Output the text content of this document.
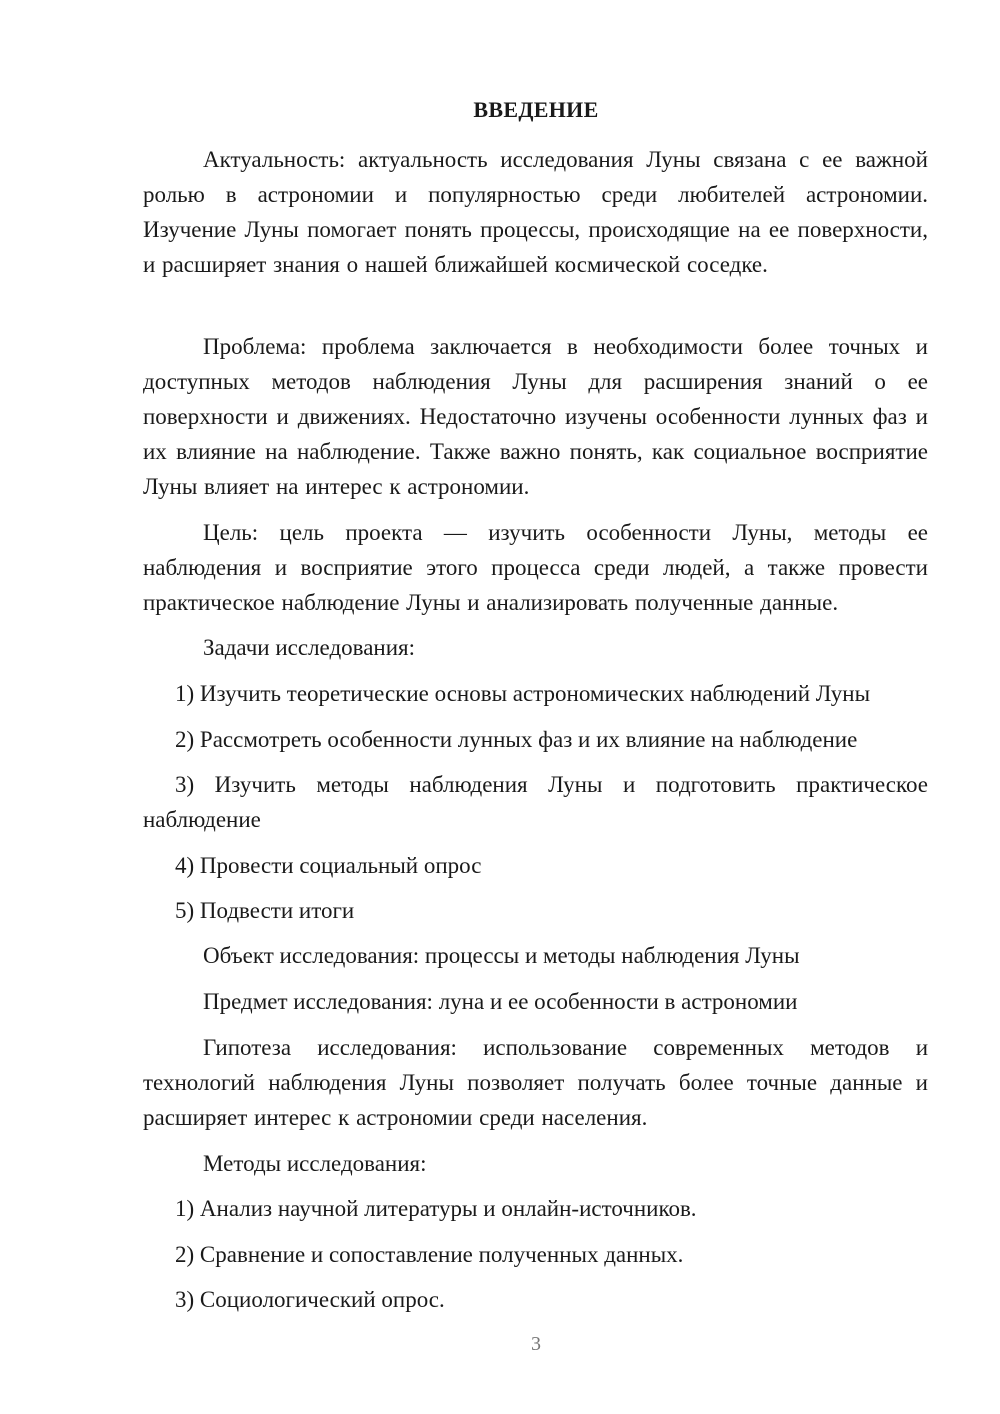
ВВЕДЕНИЕ

Актуальность: актуальность исследования Луны связана с ее важной ролью в астрономии и популярностью среди любителей астрономии. Изучение Луны помогает понять процессы, происходящие на ее поверхности, и расширяет знания о нашей ближайшей космической соседке.

Проблема: проблема заключается в необходимости более точных и доступных методов наблюдения Луны для расширения знаний о ее поверхности и движениях. Недостаточно изучены особенности лунных фаз и их влияние на наблюдение. Также важно понять, как социальное восприятие Луны влияет на интерес к астрономии.

Цель: цель проекта — изучить особенности Луны, методы ее наблюдения и восприятие этого процесса среди людей, а также провести практическое наблюдение Луны и анализировать полученные данные.

Задачи исследования:

1) Изучить теоретические основы астрономических наблюдений Луны

2) Рассмотреть особенности лунных фаз и их влияние на наблюдение

3) Изучить методы наблюдения Луны и подготовить практическое наблюдение

4) Провести социальный опрос

5) Подвести итоги

Объект исследования: процессы и методы наблюдения Луны

Предмет исследования: луна и ее особенности в астрономии

Гипотеза исследования: использование современных методов и технологий наблюдения Луны позволяет получать более точные данные и расширяет интерес к астрономии среди населения.

Методы исследования:

1) Анализ научной литературы и онлайн-источников.

2) Сравнение и сопоставление полученных данных.

3) Социологический опрос.

3
